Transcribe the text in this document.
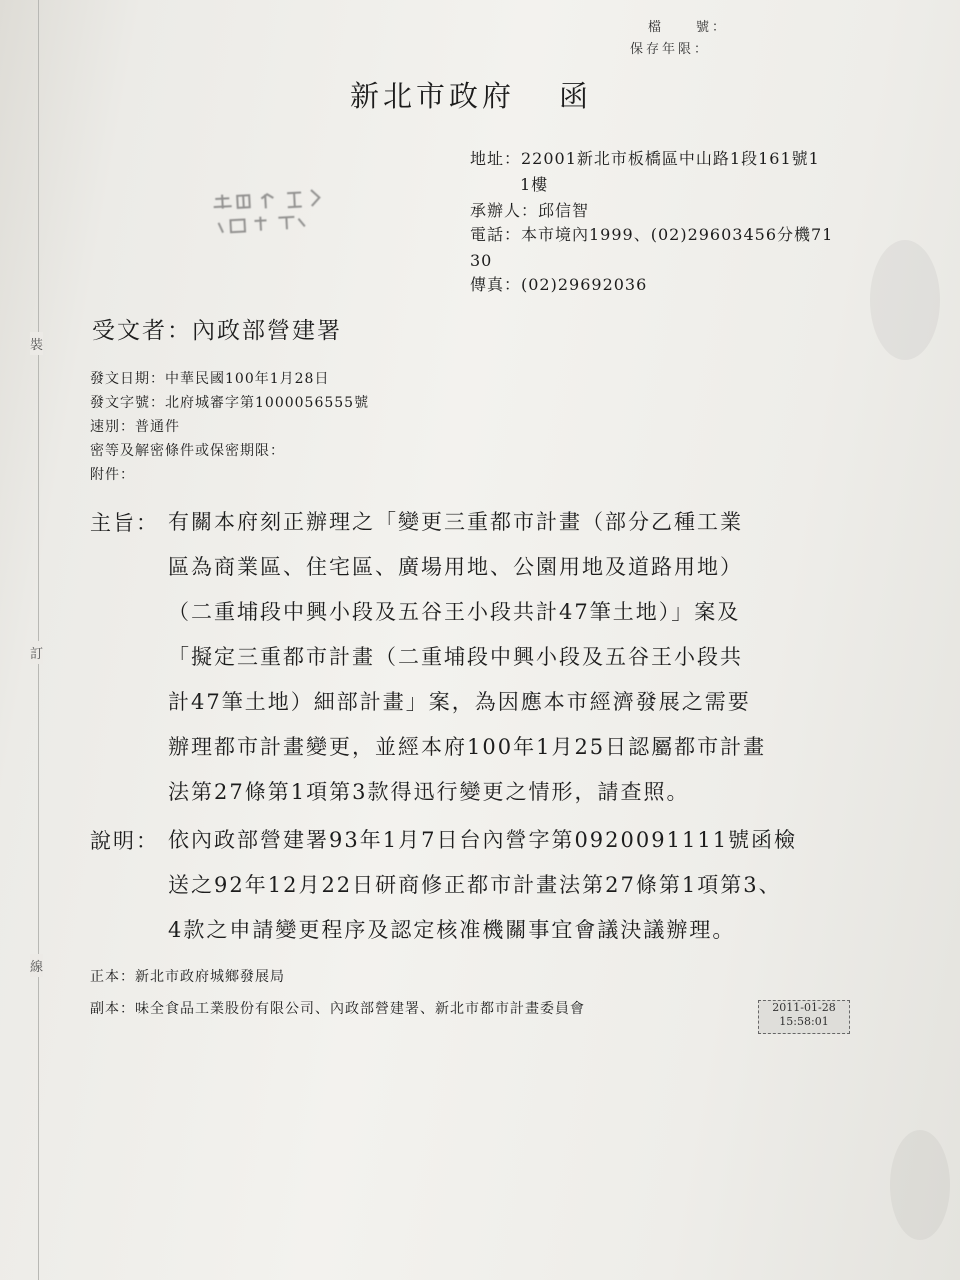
裝
訂
線
檔　　號：
保存年限：
新北市政府 函
地址：22001新北市板橋區中山路1段161號1
1樓
承辦人：邱信智
電話：本市境內1999、(02)29603456分機71
30
傳真：(02)29692036
受文者：內政部營建署
發文日期：中華民國100年1月28日
發文字號：北府城審字第1000056555號
速別：普通件
密等及解密條件或保密期限：
附件：
主旨： 有關本府刻正辦理之「變更三重都市計畫（部分乙種工業
區為商業區、住宅區、廣場用地、公園用地及道路用地）
（二重埔段中興小段及五谷王小段共計47筆土地）」案及
「擬定三重都市計畫（二重埔段中興小段及五谷王小段共
計47筆土地）細部計畫」案，為因應本市經濟發展之需要
辦理都市計畫變更，並經本府100年1月25日認屬都市計畫
法第27條第1項第3款得迅行變更之情形，請查照。
說明： 依內政部營建署93年1月7日台內營字第0920091111號函檢
送之92年12月22日研商修正都市計畫法第27條第1項第3、
4款之申請變更程序及認定核准機關事宜會議決議辦理。
正本：新北市政府城鄉發展局
副本：味全食品工業股份有限公司、內政部營建署、新北市都市計畫委員會	2011-01-28
15:58:01
